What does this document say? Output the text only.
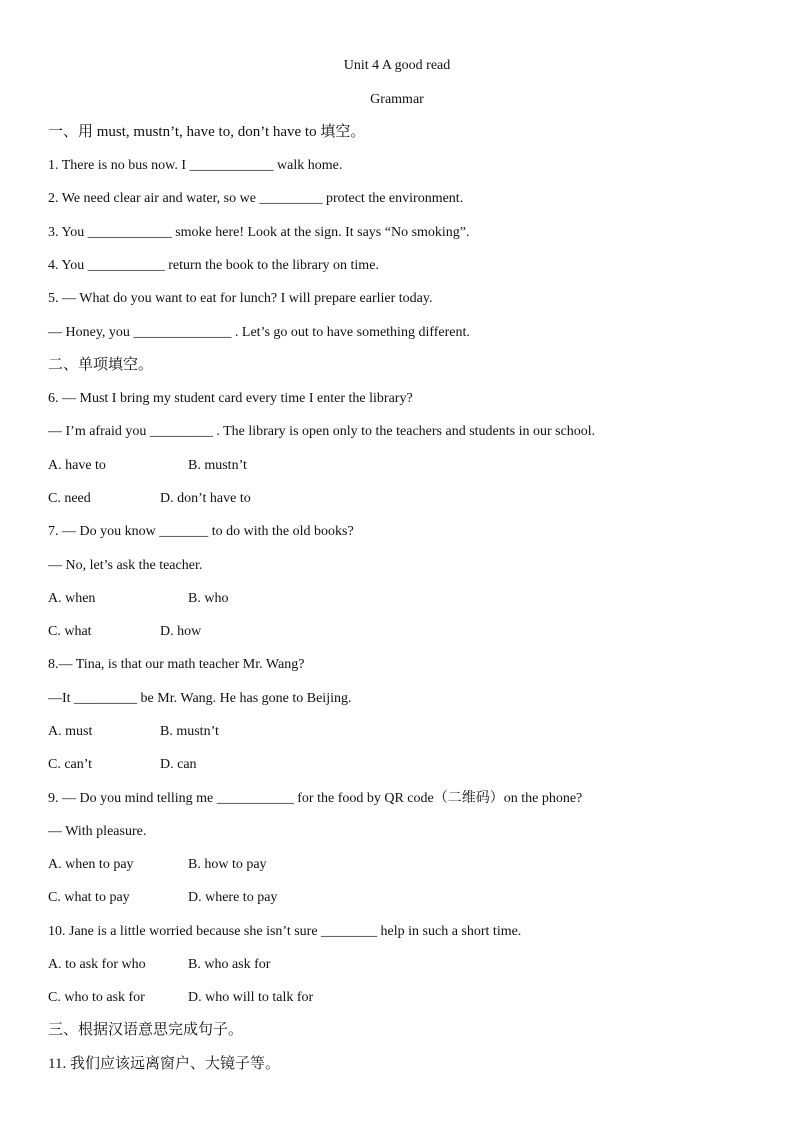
Unit 4 A good read
Grammar
一、用 must, mustn’t, have to, don’t have to 填空。
1. There is no bus now. I ____________ walk home.
2. We need clear air and water, so we _________ protect the environment.
3. You ____________ smoke here! Look at the sign. It says “No smoking”.
4. You ___________ return the book to the library on time.
5. — What do you want to eat for lunch? I will prepare earlier today.
— Honey, you ______________ . Let’s go out to have something different.
二、单项填空。
6. — Must I bring my student card every time I enter the library?
— I’m afraid you _________ . The library is open only to the teachers and students in our school.
A. have to	B. mustn’t
C. need	D. don’t have to
7. — Do you know _______ to do with the old books?
— No, let’s ask the teacher.
A. when	B. who
C. what	D. how
8.— Tina, is that our math teacher Mr. Wang?
—It _________ be Mr. Wang. He has gone to Beijing.
A. must	B. mustn’t
C. can’t	D. can
9. — Do you mind telling me ___________ for the food by QR code（二维码）on the phone?
— With pleasure.
A. when to pay	B. how to pay
C. what to pay	D. where to pay
10. Jane is a little worried because she isn’t sure ________ help in such a short time.
A. to ask for who	B. who ask for
C. who to ask for	D. who will to talk for
三、根据汉语意思完成句子。
11. 我们应该远离窗户、大镜子等。
